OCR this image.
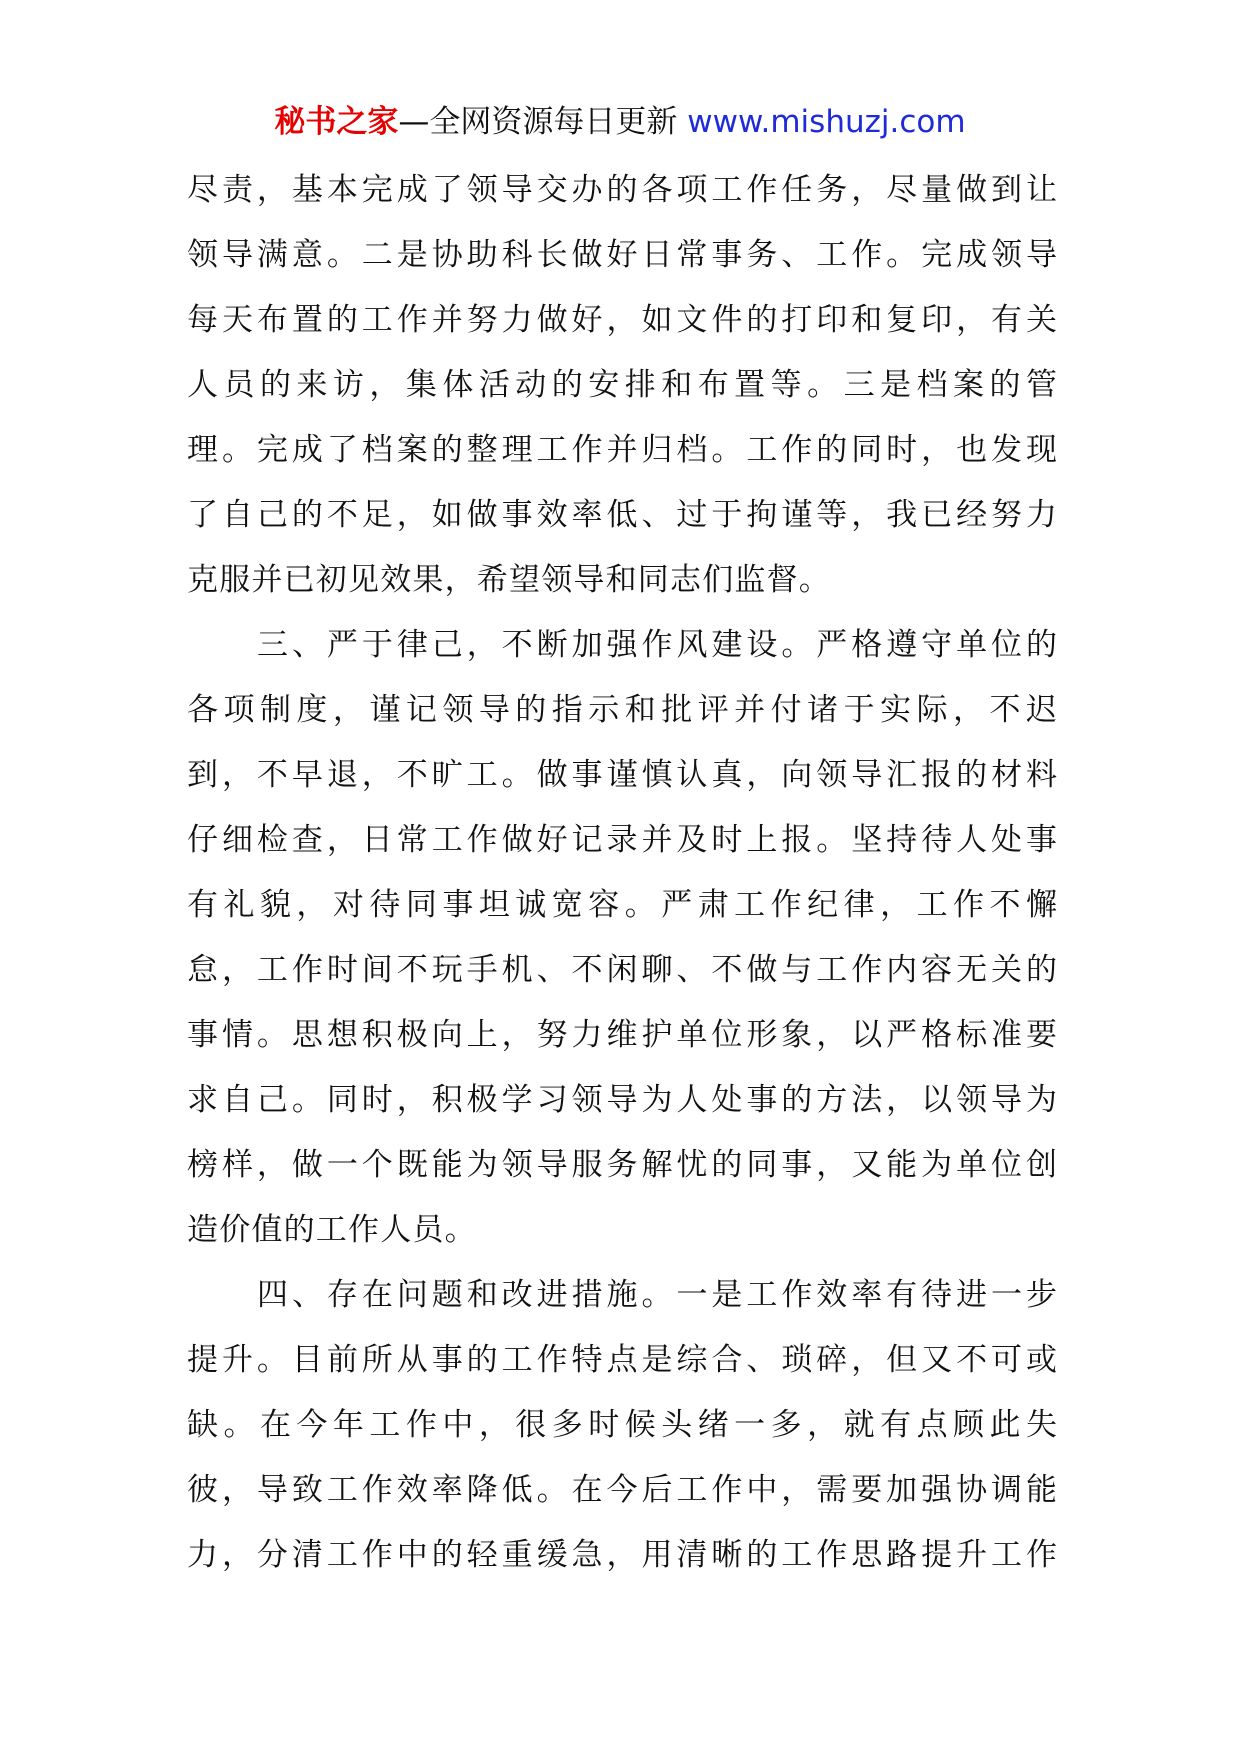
秘书之家—全网资源每日更新 www.mishuzj.com
尽责，基本完成了领导交办的各项工作任务，尽量做到让
领导满意。二是协助科长做好日常事务、工作。完成领导
每天布置的工作并努力做好，如文件的打印和复印，有关
人员的来访，集体活动的安排和布置等。三是档案的管
理。完成了档案的整理工作并归档。工作的同时，也发现
了自己的不足，如做事效率低、过于拘谨等，我已经努力
克服并已初见效果，希望领导和同志们监督。
三、严于律己，不断加强作风建设。严格遵守单位的
各项制度，谨记领导的指示和批评并付诸于实际，不迟
到，不早退，不旷工。做事谨慎认真，向领导汇报的材料
仔细检查，日常工作做好记录并及时上报。坚持待人处事
有礼貌，对待同事坦诚宽容。严肃工作纪律，工作不懈
怠，工作时间不玩手机、不闲聊、不做与工作内容无关的
事情。思想积极向上，努力维护单位形象，以严格标准要
求自己。同时，积极学习领导为人处事的方法，以领导为
榜样，做一个既能为领导服务解忧的同事，又能为单位创
造价值的工作人员。
四、存在问题和改进措施。一是工作效率有待进一步
提升。目前所从事的工作特点是综合、琐碎，但又不可或
缺。在今年工作中，很多时候头绪一多，就有点顾此失
彼，导致工作效率降低。在今后工作中，需要加强协调能
力，分清工作中的轻重缓急，用清晰的工作思路提升工作
